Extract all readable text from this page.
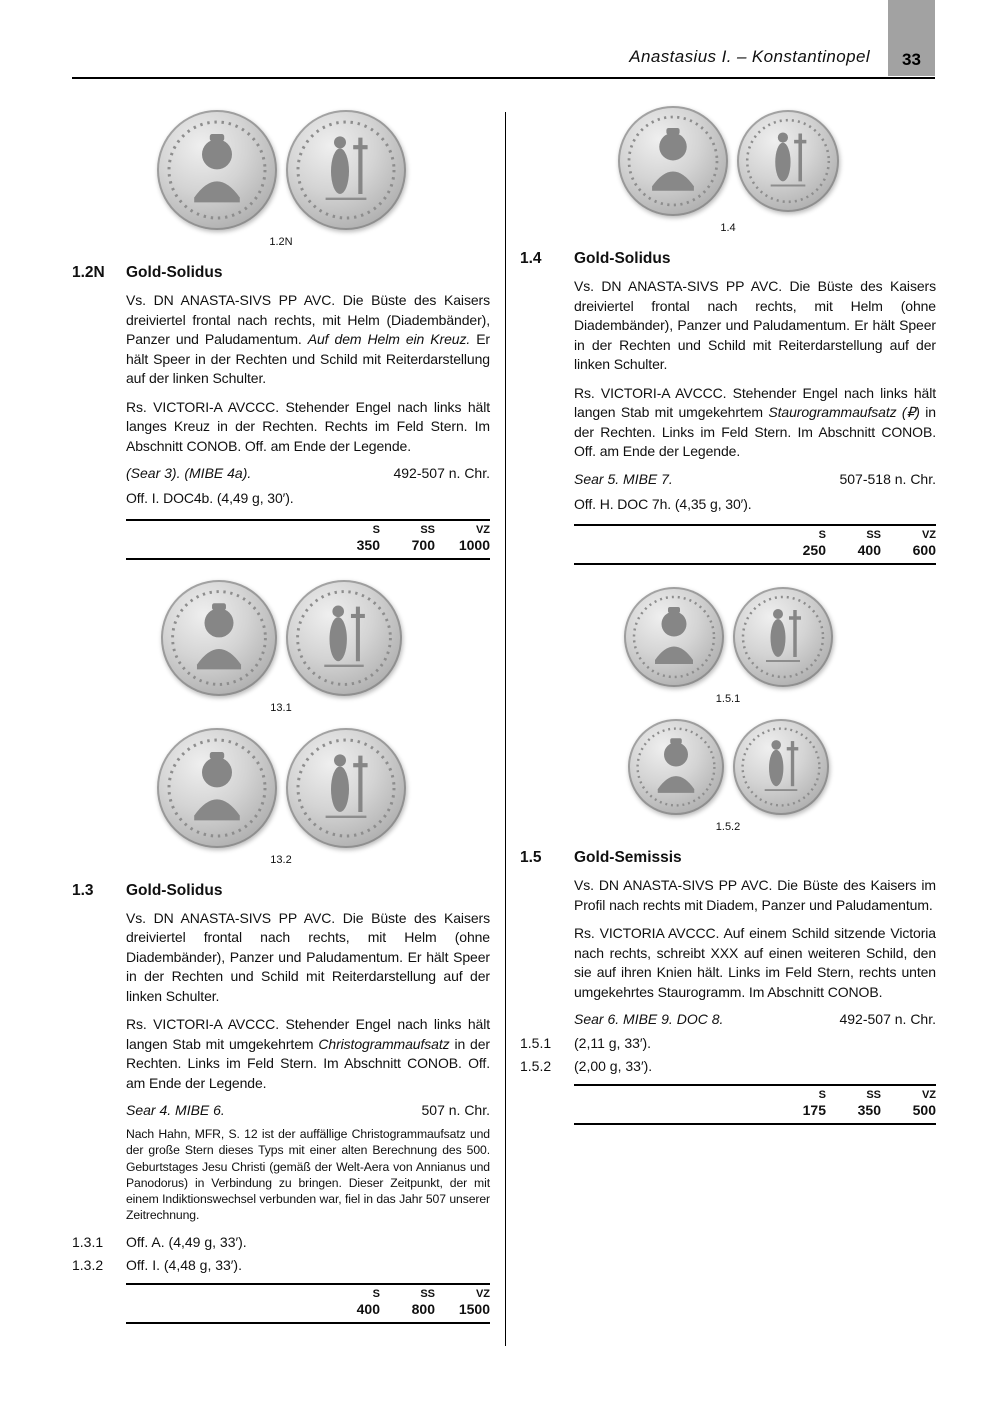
Anastasius I. – Konstantinopel 33
1.2N
1.2N	Gold-Solidus

Vs. DN ANASTA-SIVS PP AVC. Die Büste des Kaisers dreiviertel frontal nach rechts, mit Helm (Diadembänder), Panzer und Paludamentum. Auf dem Helm ein Kreuz. Er hält Speer in der Rechten und Schild mit Reiterdarstellung auf der linken Schulter.

Rs. VICTORI-A AVCCC. Stehender Engel nach links hält langes Kreuz in der Rechten. Rechts im Feld Stern. Im Abschnitt CONOB. Off. am Ende der Legende.

(Sear 3). (MIBE 4a).	492-507 n. Chr.

Off. I. DOC4b. (4,49 g, 30′).

S	SS	VZ
350	700	1000
13.1
13.2
1.3	Gold-Solidus

Vs. DN ANASTA-SIVS PP AVC. Die Büste des Kaisers dreiviertel frontal nach rechts, mit Helm (ohne Diadembänder), Panzer und Paludamentum. Er hält Speer in der Rechten und Schild mit Reiterdarstellung auf der linken Schulter.

Rs. VICTORI-A AVCCC. Stehender Engel nach links hält langen Stab mit umgekehrtem Christogrammaufsatz in der Rechten. Links im Feld Stern. Im Abschnitt CONOB. Off. am Ende der Legende.

Sear 4. MIBE 6.	507 n. Chr.

Nach Hahn, MFR, S. 12 ist der auffällige Christogrammaufsatz und der große Stern dieses Typs mit einer alten Berechnung des 500. Geburtstages Jesu Christi (gemäß der Welt-Aera von Annianus und Panodorus) in Verbindung zu bringen. Dieser Zeitpunkt, der mit einem Indiktionswechsel verbunden war, fiel in das Jahr 507 unserer Zeitrechnung.

1.3.1	Off. A. (4,49 g, 33′).
1.3.2	Off. I. (4,48 g, 33′).
S	SS	VZ
400	800	1500
1.4
1.4	Gold-Solidus

Vs. DN ANASTA-SIVS PP AVC. Die Büste des Kaisers dreiviertel frontal nach rechts, mit Helm (ohne Diadembänder), Panzer und Paludamentum. Er hält Speer in der Rechten und Schild mit Reiterdarstellung auf der linken Schulter.

Rs. VICTORI-A AVCCC. Stehender Engel nach links hält langen Stab mit umgekehrtem Staurogrammaufsatz (₽) in der Rechten. Links im Feld Stern. Im Abschnitt CONOB. Off. am Ende der Legende.

Sear 5. MIBE 7.	507-518 n. Chr.

Off. H. DOC 7h. (4,35 g, 30′).

S	SS	VZ
250	400	600
1.5.1
1.5.2
1.5	Gold-Semissis

Vs. DN ANASTA-SIVS PP AVC. Die Büste des Kaisers im Profil nach rechts mit Diadem, Panzer und Paludamentum.

Rs. VICTORIA AVCCC. Auf einem Schild sitzende Victoria nach rechts, schreibt XXX auf einen weiteren Schild, den sie auf ihren Knien hält. Links im Feld Stern, rechts unten umgekehrtes Staurogramm. Im Abschnitt CONOB.

Sear 6. MIBE 9. DOC 8.	492-507 n. Chr.
1.5.1	(2,11 g, 33′).
1.5.2	(2,00 g, 33′).
S	SS	VZ
175	350	500
